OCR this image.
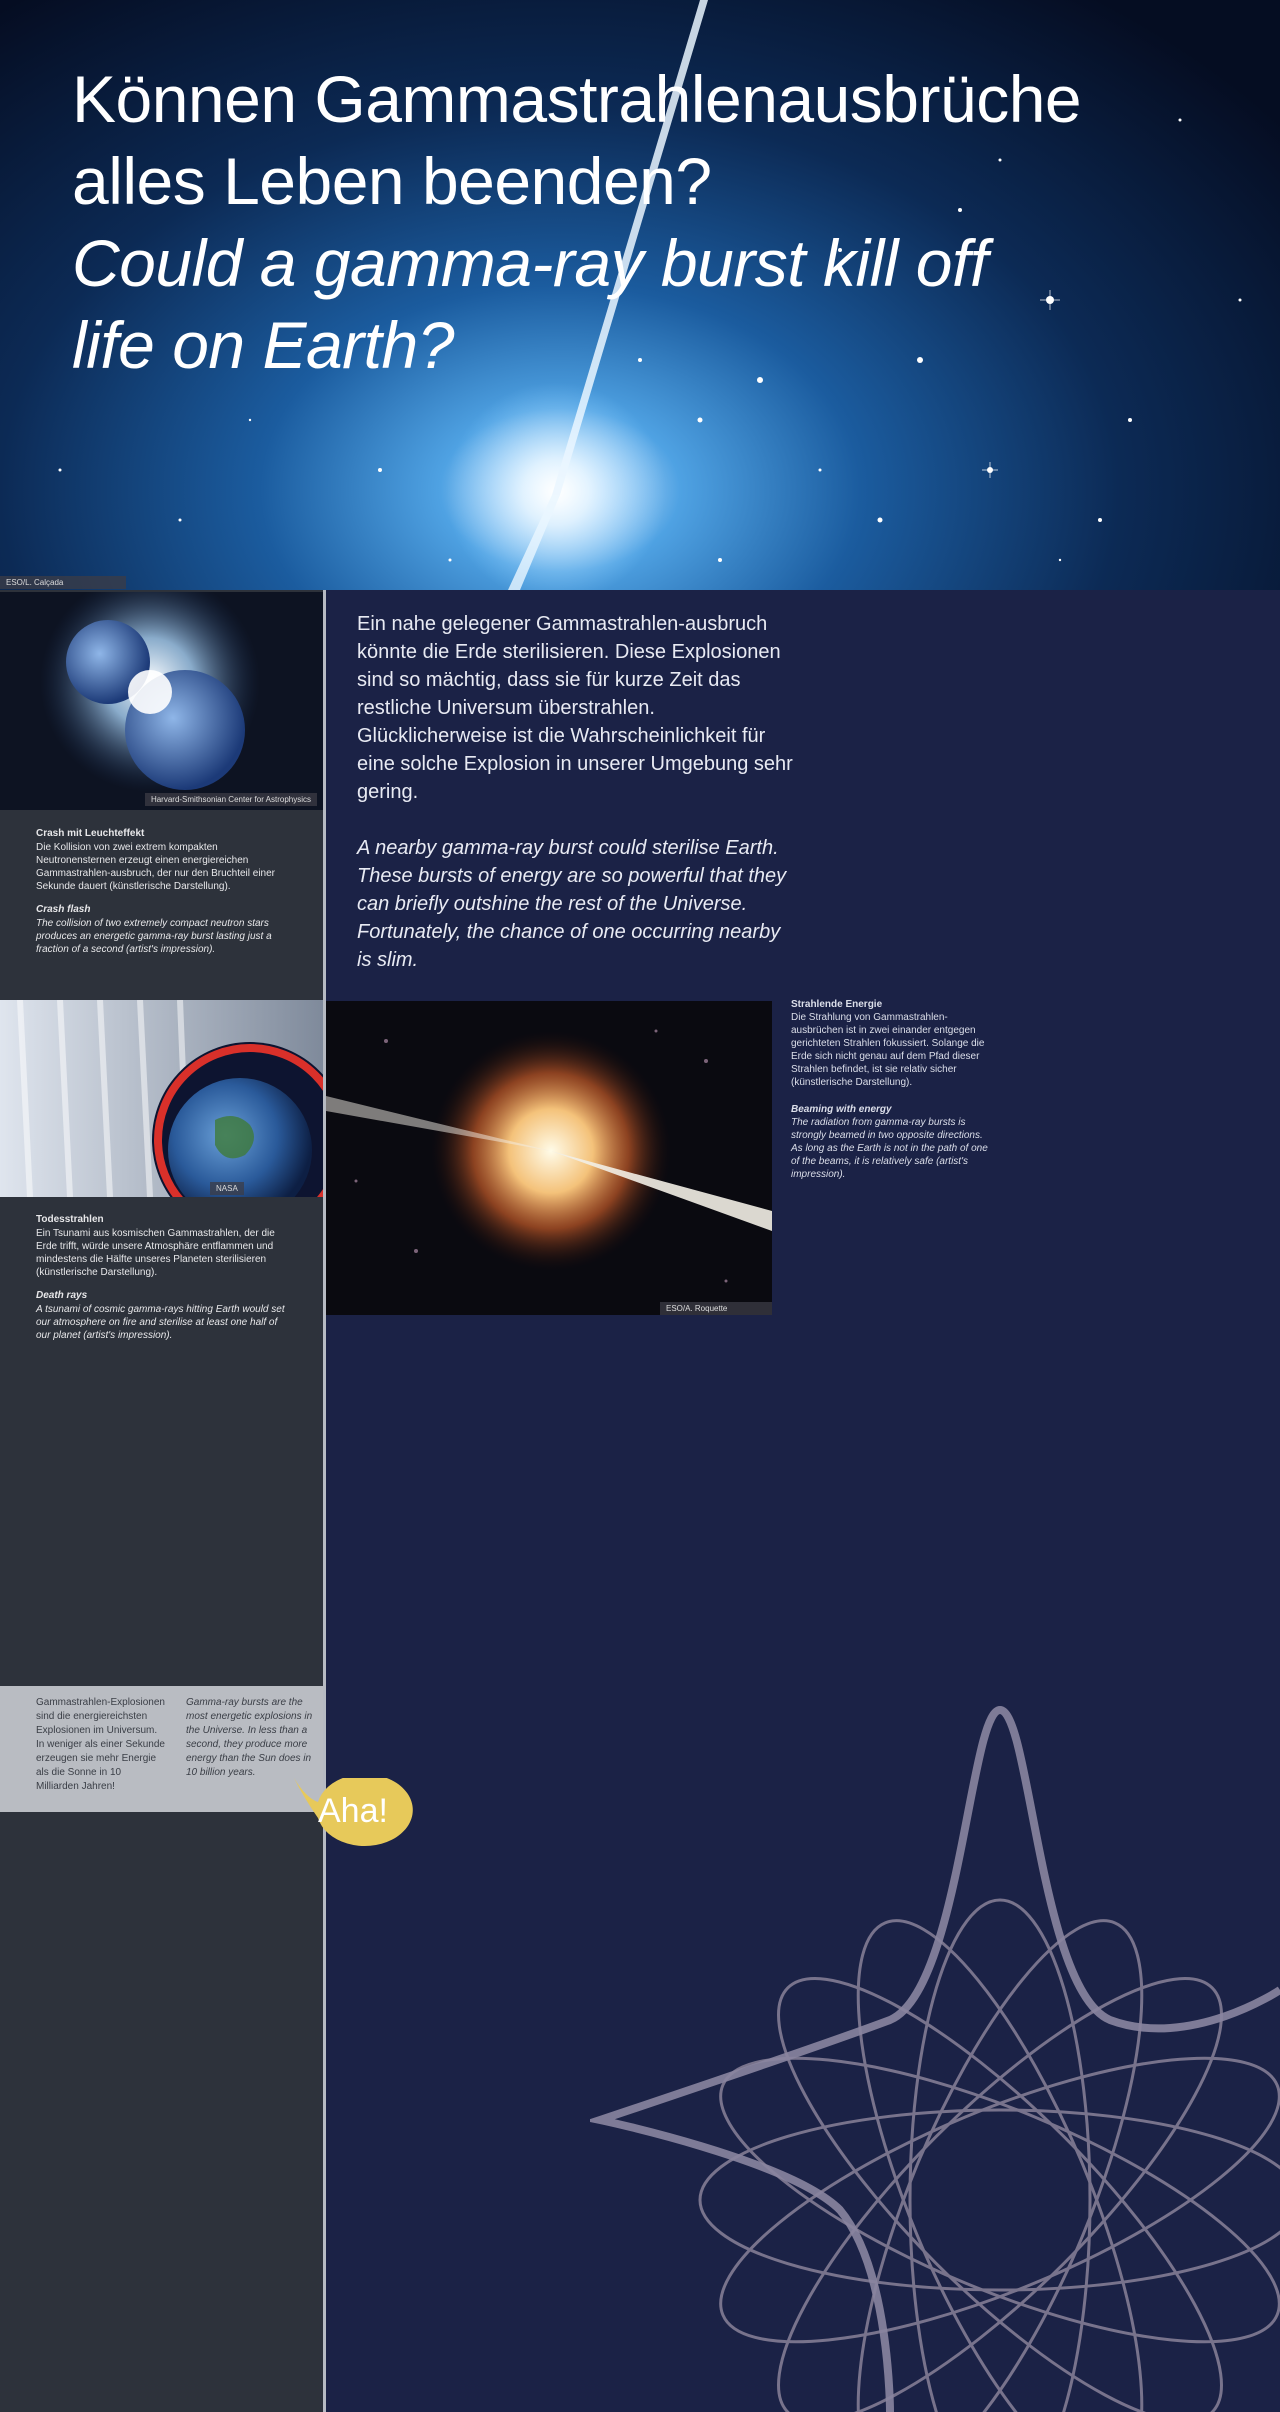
Können Gammastrahlenausbrüche
alles Leben beenden?
Could a gamma-ray burst kill off
life on Earth?
ESO/L. Calçada
Harvard-Smithsonian Center for Astrophysics
Crash mit Leuchteffekt
Die Kollision von zwei extrem kompakten Neutronensternen erzeugt einen energiereichen Gammastrahlen-ausbruch, der nur den Bruchteil einer Sekunde dauert (künstlerische Darstellung).
Crash flash
The collision of two extremely compact neutron stars produces an energetic gamma-ray burst lasting just a fraction of a second (artist's impression).
NASA
Todesstrahlen
Ein Tsunami aus kosmischen Gammastrahlen, der die Erde trifft, würde unsere Atmosphäre entflammen und mindestens die Hälfte unseres Planeten sterilisieren (künstlerische Darstellung).
Death rays
A tsunami of cosmic gamma-rays hitting Earth would set our atmosphere on fire and sterilise at least one half of our planet (artist's impression).
Gammastrahlen-Explosionen sind die energiereichsten Explosionen im Universum. In weniger als einer Sekunde erzeugen sie mehr Energie als die Sonne in 10 Milliarden Jahren!
Gamma-ray bursts are the most energetic explosions in the Universe. In less than a second, they produce more energy than the Sun does in 10 billion years.
Aha!

Ein nahe gelegener Gammastrahlen-ausbruch könnte die Erde sterilisieren. Diese Explosionen sind so mächtig, dass sie für kurze Zeit das restliche Universum überstrahlen. Glücklicherweise ist die Wahrscheinlichkeit für eine solche Explosion in unserer Umgebung sehr gering.

A nearby gamma-ray burst could sterilise Earth. These bursts of energy are so powerful that they can briefly outshine the rest of the Universe. Fortunately, the chance of one occurring nearby is slim.

ESO/A. Roquette
Strahlende Energie
Die Strahlung von Gammastrahlen-ausbrüchen ist in zwei einander entgegen gerichteten Strahlen fokussiert. Solange die Erde sich nicht genau auf dem Pfad dieser Strahlen befindet, ist sie relativ sicher (künstlerische Darstellung).
Beaming with energy
The radiation from gamma-ray bursts is strongly beamed in two opposite directions. As long as the Earth is not in the path of one of the beams, it is relatively safe (artist's impression).
